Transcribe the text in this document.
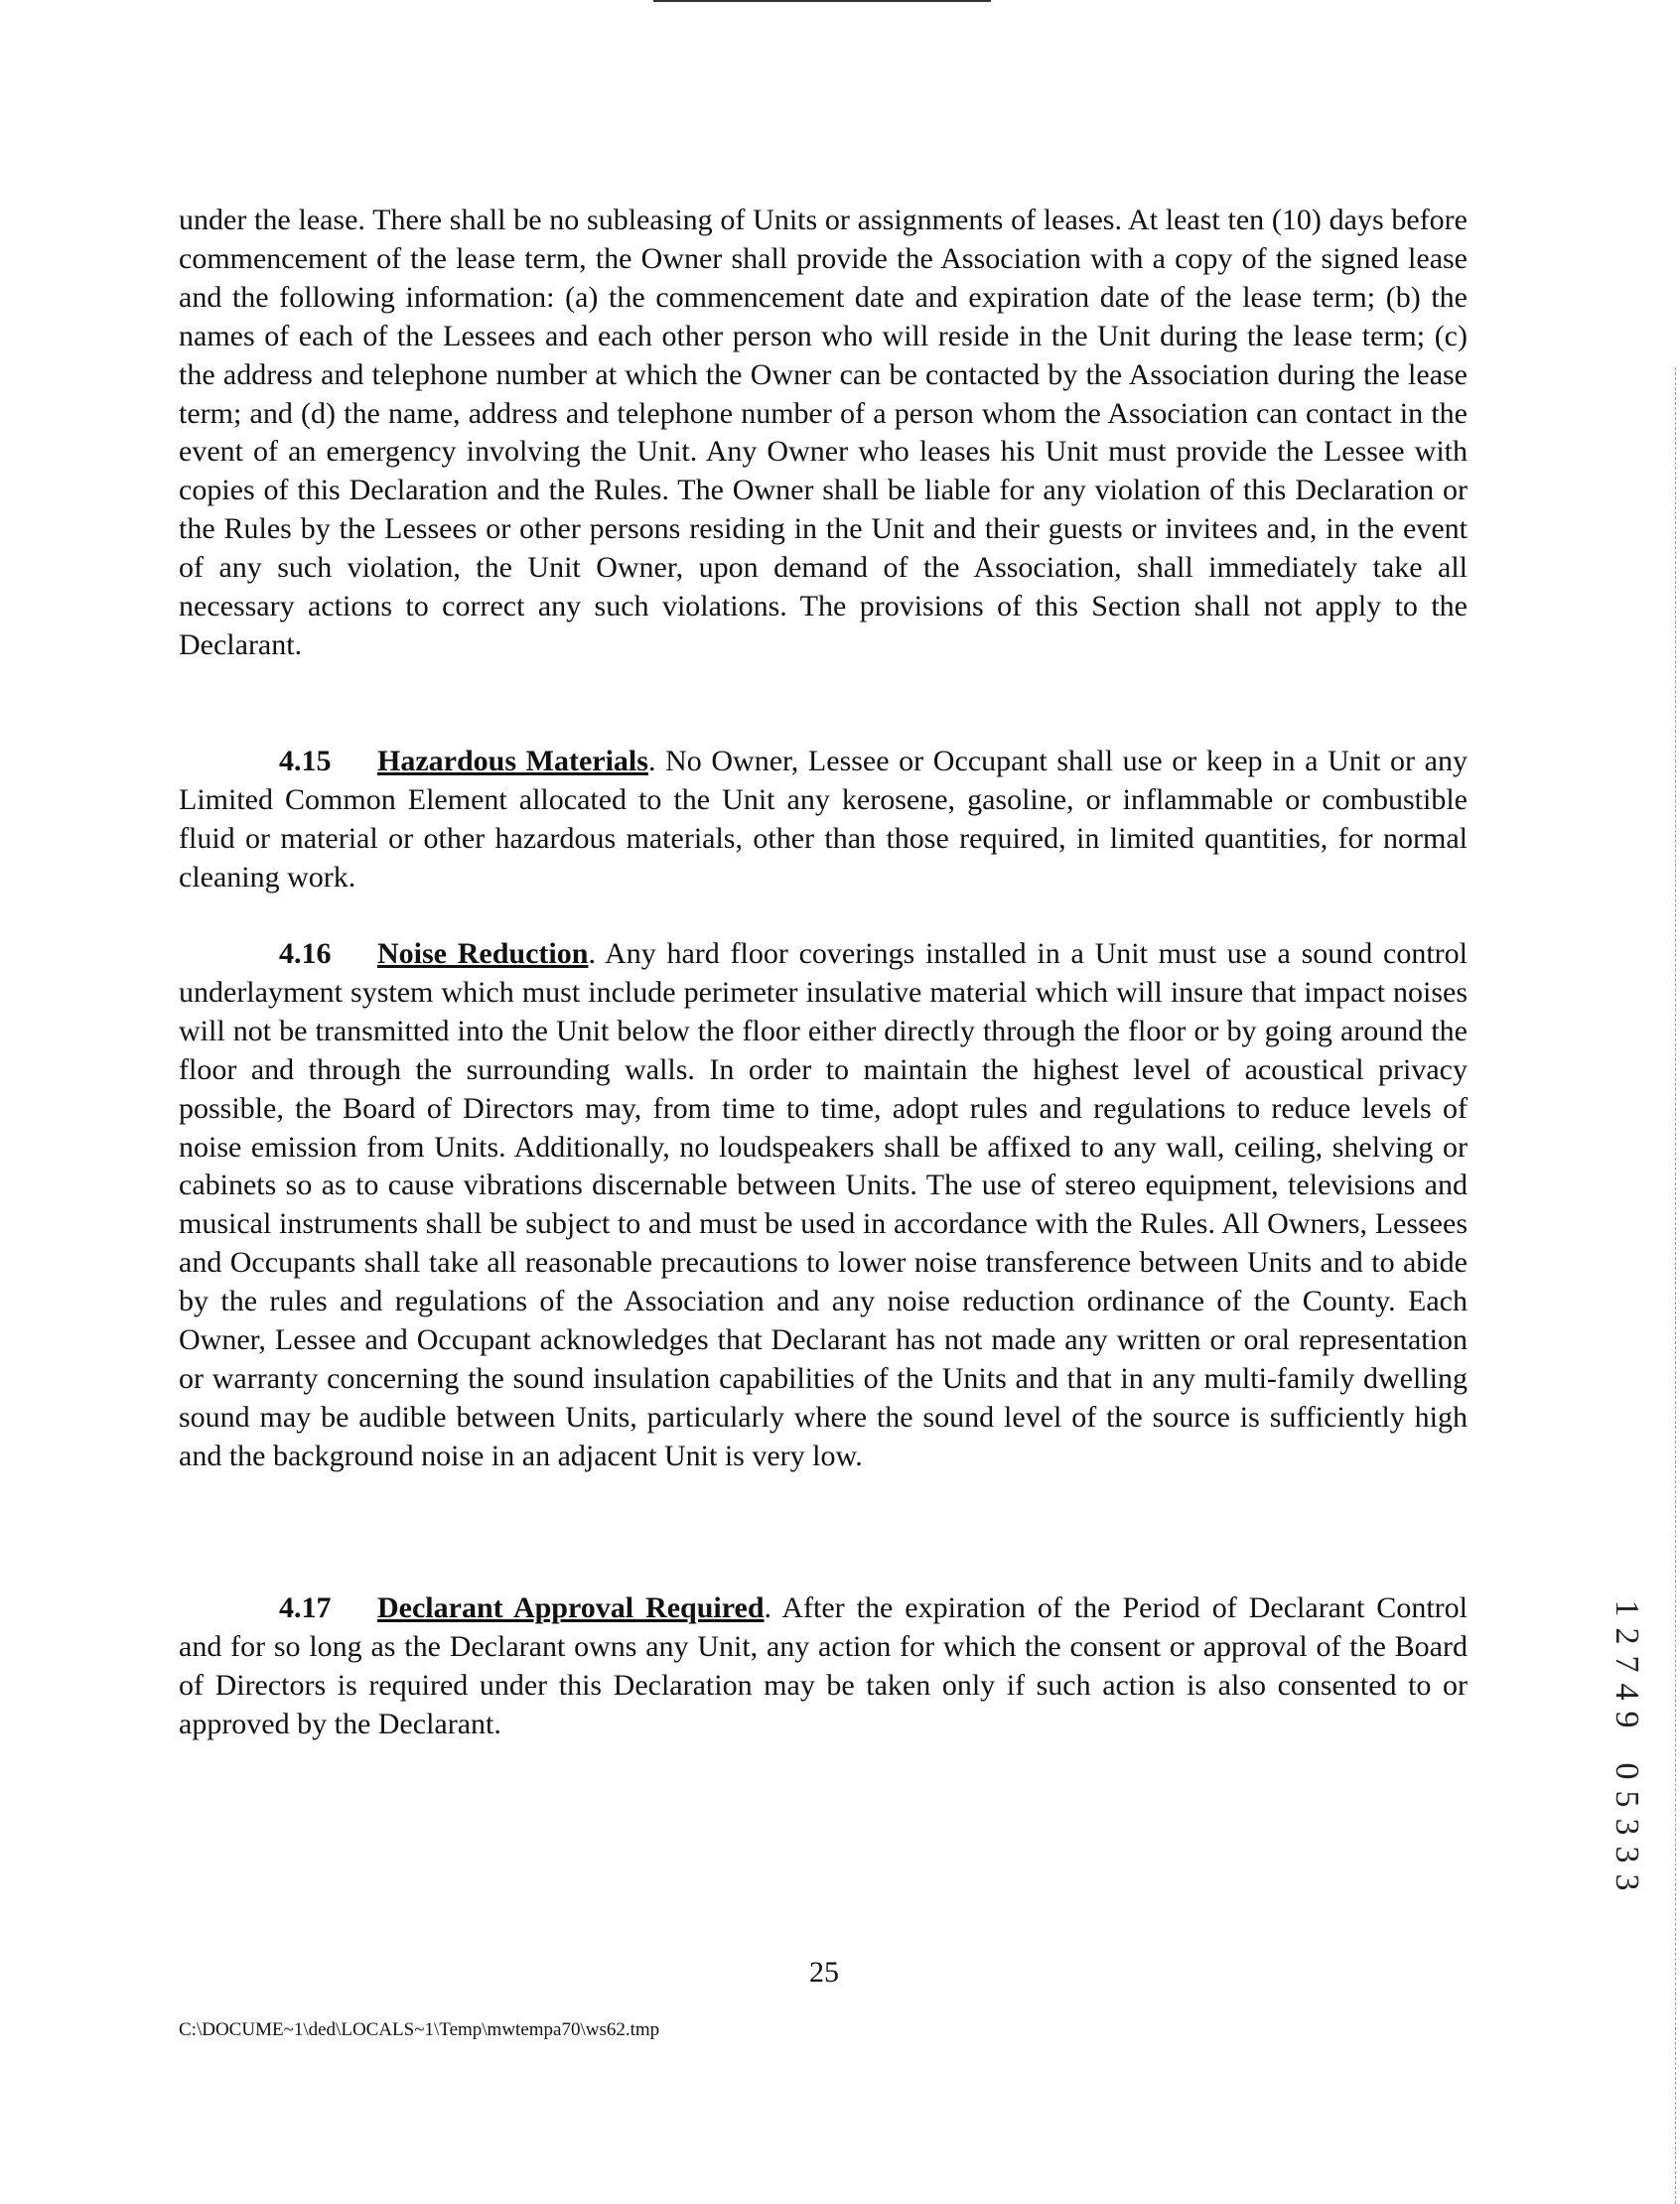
under the lease. There shall be no subleasing of Units or assignments of leases. At least ten (10) days before commencement of the lease term, the Owner shall provide the Association with a copy of the signed lease and the following information: (a) the commencement date and expiration date of the lease term; (b) the names of each of the Lessees and each other person who will reside in the Unit during the lease term; (c) the address and telephone number at which the Owner can be contacted by the Association during the lease term; and (d) the name, address and telephone number of a person whom the Association can contact in the event of an emergency involving the Unit. Any Owner who leases his Unit must provide the Lessee with copies of this Declaration and the Rules. The Owner shall be liable for any violation of this Declaration or the Rules by the Lessees or other persons residing in the Unit and their guests or invitees and, in the event of any such violation, the Unit Owner, upon demand of the Association, shall immediately take all necessary actions to correct any such violations. The provisions of this Section shall not apply to the Declarant.

4.15 Hazardous Materials. No Owner, Lessee or Occupant shall use or keep in a Unit or any Limited Common Element allocated to the Unit any kerosene, gasoline, or inflammable or combustible fluid or material or other hazardous materials, other than those required, in limited quantities, for normal cleaning work.

4.16 Noise Reduction. Any hard floor coverings installed in a Unit must use a sound control underlayment system which must include perimeter insulative material which will insure that impact noises will not be transmitted into the Unit below the floor either directly through the floor or by going around the floor and through the surrounding walls. In order to maintain the highest level of acoustical privacy possible, the Board of Directors may, from time to time, adopt rules and regulations to reduce levels of noise emission from Units. Additionally, no loudspeakers shall be affixed to any wall, ceiling, shelving or cabinets so as to cause vibrations discernable between Units. The use of stereo equipment, televisions and musical instruments shall be subject to and must be used in accordance with the Rules. All Owners, Lessees and Occupants shall take all reasonable precautions to lower noise transference between Units and to abide by the rules and regulations of the Association and any noise reduction ordinance of the County. Each Owner, Lessee and Occupant acknowledges that Declarant has not made any written or oral representation or warranty concerning the sound insulation capabilities of the Units and that in any multi-family dwelling sound may be audible between Units, particularly where the sound level of the source is sufficiently high and the background noise in an adjacent Unit is very low.

4.17 Declarant Approval Required. After the expiration of the Period of Declarant Control and for so long as the Declarant owns any Unit, any action for which the consent or approval of the Board of Directors is required under this Declaration may be taken only if such action is also consented to or approved by the Declarant.

1
2
7
4
9
0
5
3
3
3
25
C:\DOCUME~1\ded\LOCALS~1\Temp\mwtempa70\ws62.tmp
